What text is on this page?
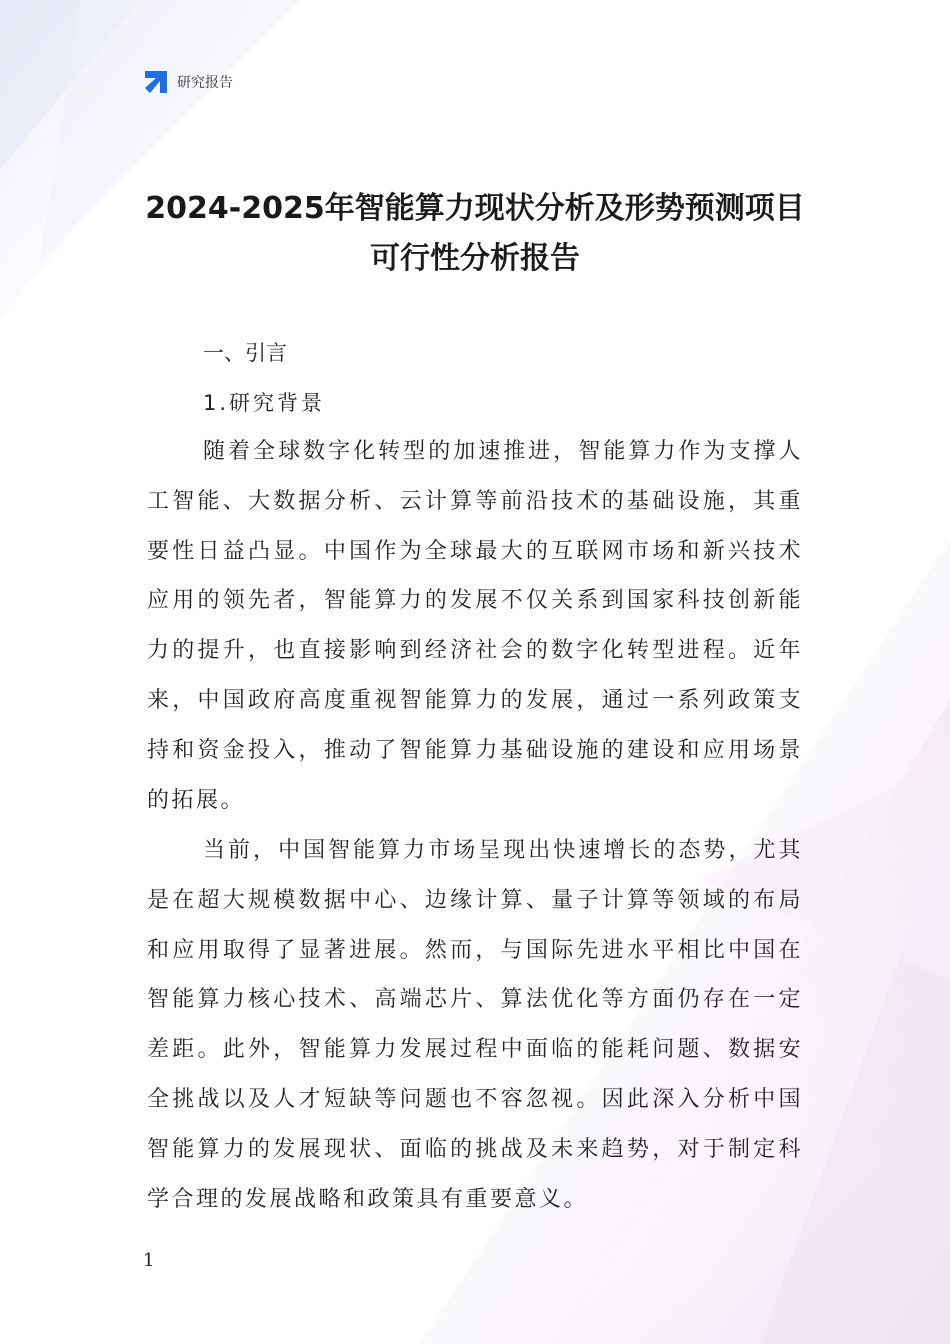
研究报告
2024-2025年智能算力现状分析及形势预测项目
可行性分析报告
一、引言
1.研究背景

随着全球数字化转型的加速推进，智能算力作为支撑人工智能、大数据分析、云计算等前沿技术的基础设施，其重要性日益凸显。中国作为全球最大的互联网市场和新兴技术应用的领先者，智能算力的发展不仅关系到国家科技创新能力的提升，也直接影响到经济社会的数字化转型进程。近年来，中国政府高度重视智能算力的发展，通过一系列政策支持和资金投入，推动了智能算力基础设施的建设和应用场景的拓展。

当前，中国智能算力市场呈现出快速增长的态势，尤其是在超大规模数据中心、边缘计算、量子计算等领域的布局和应用取得了显著进展。然而，与国际先进水平相比中国在智能算力核心技术、高端芯片、算法优化等方面仍存在一定差距。此外，智能算力发展过程中面临的能耗问题、数据安全挑战以及人才短缺等问题也不容忽视。因此深入分析中国智能算力的发展现状、面临的挑战及未来趋势，对于制定科学合理的发展战略和政策具有重要意义。

1
